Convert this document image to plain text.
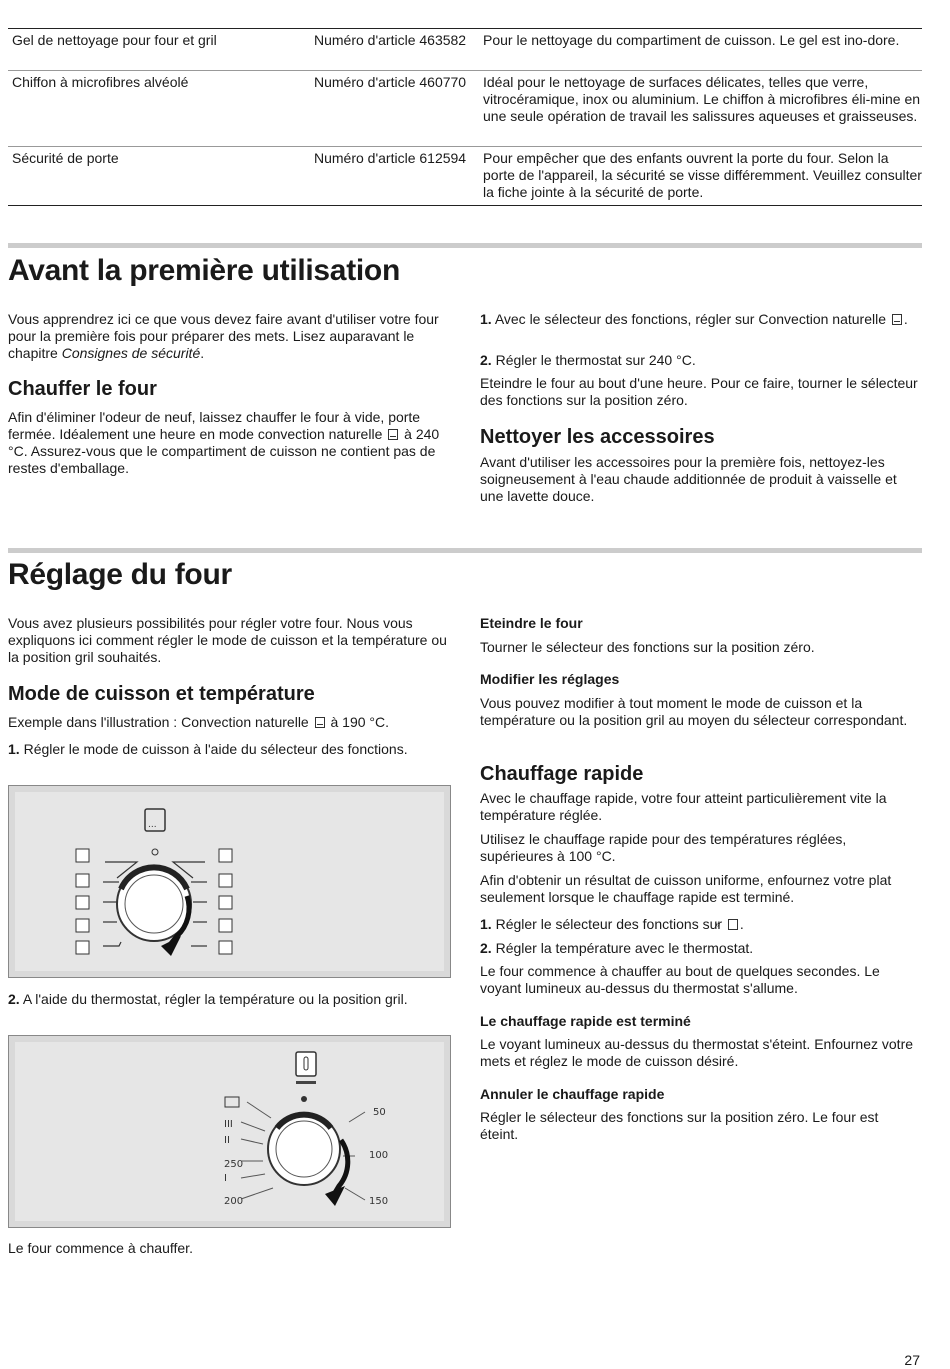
Gel de nettoyage pour four et gril	Numéro d'article 463582	Pour le nettoyage du compartiment de cuisson. Le gel est ino-dore.
Chiffon à microfibres alvéolé	Numéro d'article 460770	Idéal pour le nettoyage de surfaces délicates, telles que verre, vitrocéramique, inox ou aluminium. Le chiffon à microfibres éli-mine en une seule opération de travail les salissures aqueuses et graisseuses.
Sécurité de porte	Numéro d'article 612594	Pour empêcher que des enfants ouvrent la porte du four. Selon la porte de l'appareil, la sécurité se visse différemment. Veuillez consulter la fiche jointe à la sécurité de porte.
Avant la première utilisation

Vous apprendrez ici ce que vous devez faire avant d'utiliser votre four pour la première fois pour préparer des mets. Lisez auparavant le chapitre Consignes de sécurité.

Chauffer le four

Afin d'éliminer l'odeur de neuf, laissez chauffer le four à vide, porte fermée. Idéalement une heure en mode convection naturelle  à 240 °C. Assurez-vous que le compartiment de cuisson ne contient pas de restes d'emballage.

1. Avec le sélecteur des fonctions, régler sur Convection naturelle .

2. Régler le thermostat sur 240 °C.

Eteindre le four au bout d'une heure. Pour ce faire, tourner le sélecteur des fonctions sur la position zéro.

Nettoyer les accessoires

Avant d'utiliser les accessoires pour la première fois, nettoyez-les soigneusement à l'eau chaude additionnée de produit à vaisselle et une lavette douce.

Réglage du four

Vous avez plusieurs possibilités pour régler votre four. Nous vous expliquons ici comment régler le mode de cuisson et la température ou la position gril souhaités.

Mode de cuisson et température

Exemple dans l'illustration : Convection naturelle  à 190 °C.

1. Régler le mode de cuisson à l'aide du sélecteur des fonctions.

...

2. A l'aide du thermostat, régler la température ou la position gril.

III
II
250
I
200
50
100
150

Le four commence à chauffer.

Eteindre le four

Tourner le sélecteur des fonctions sur la position zéro.

Modifier les réglages

Vous pouvez modifier à tout moment le mode de cuisson et la température ou la position gril au moyen du sélecteur correspondant.

Chauffage rapide

Avec le chauffage rapide, votre four atteint particulièrement vite la température réglée.

Utilisez le chauffage rapide pour des températures réglées, supérieures à 100 °C.

Afin d'obtenir un résultat de cuisson uniforme, enfournez votre plat seulement lorsque le chauffage rapide est terminé.

1. Régler le sélecteur des fonctions sur ».

2. Régler la température avec le thermostat.

Le four commence à chauffer au bout de quelques secondes. Le voyant lumineux au-dessus du thermostat s'allume.

Le chauffage rapide est terminé

Le voyant lumineux au-dessus du thermostat s'éteint. Enfournez votre mets et réglez le mode de cuisson désiré.

Annuler le chauffage rapide

Régler le sélecteur des fonctions sur la position zéro. Le four est éteint.

27
